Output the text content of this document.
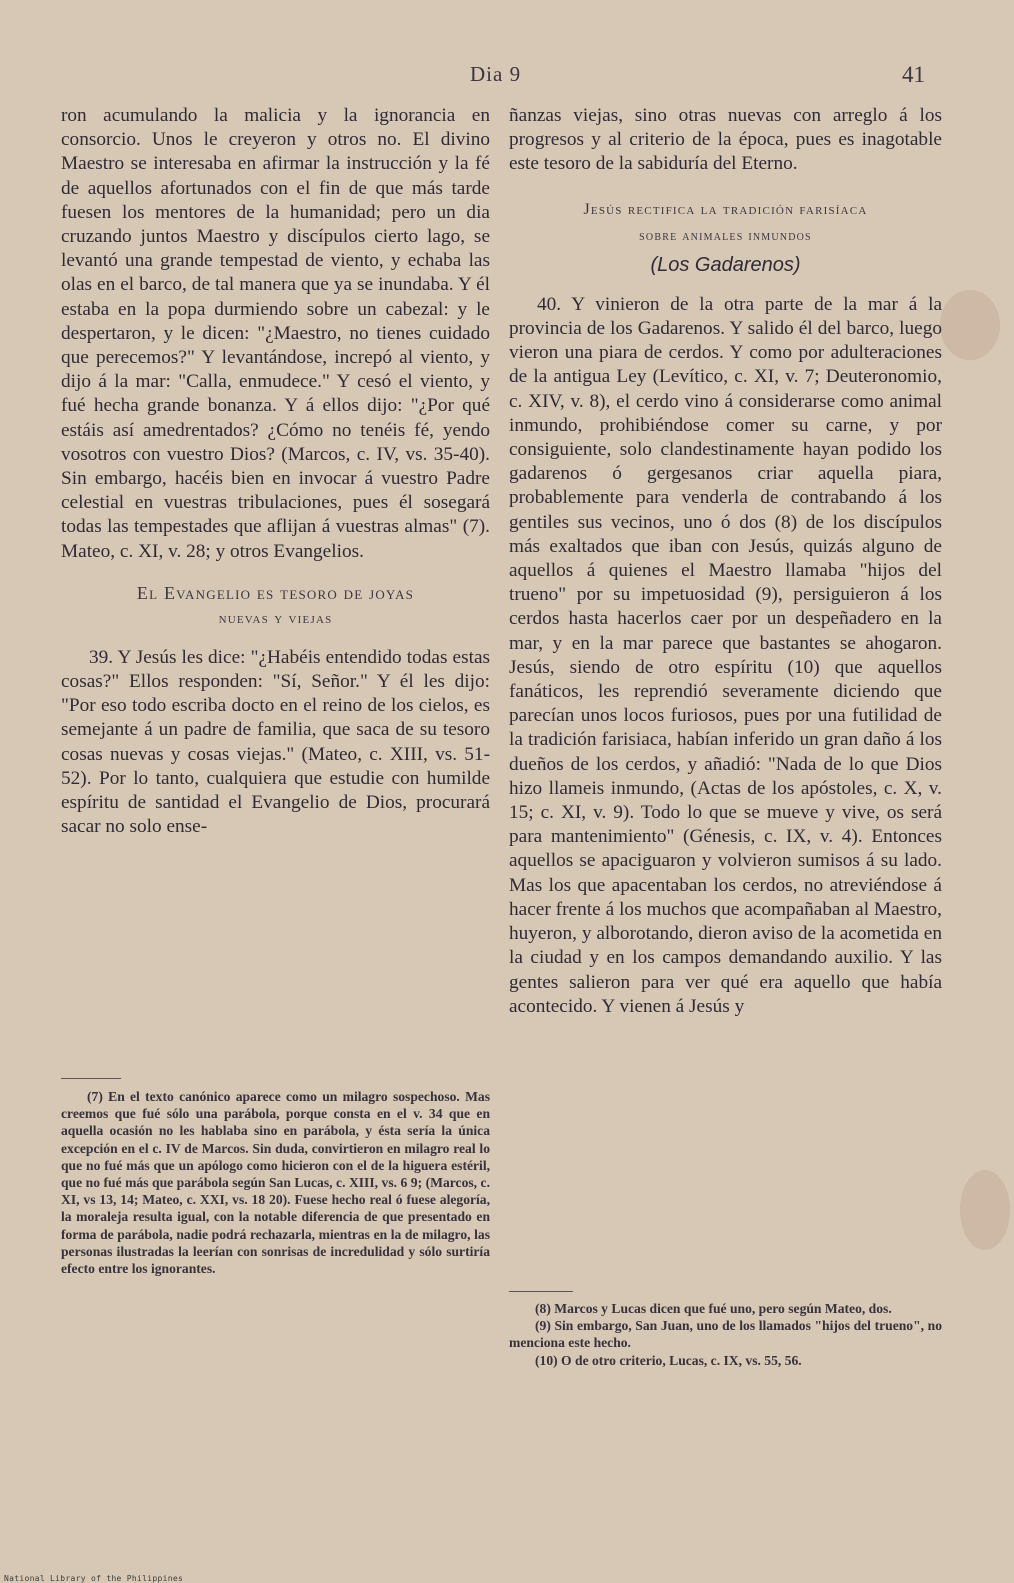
Dia 9	41

ron acumulando la malicia y la ignorancia en consorcio. Unos le creyeron y otros no. El divino Maestro se interesaba en afirmar la instrucción y la fé de aquellos afortunados con el fin de que más tarde fuesen los mentores de la humanidad; pero un dia cruzando juntos Maestro y discípulos cierto lago, se levantó una grande tempestad de viento, y echaba las olas en el barco, de tal manera que ya se inundaba. Y él estaba en la popa durmiendo sobre un cabezal: y le despertaron, y le dicen: "¿Maestro, no tienes cuidado que perecemos?" Y levantándose, increpó al viento, y dijo á la mar: "Calla, enmudece." Y cesó el viento, y fué hecha grande bonanza. Y á ellos dijo: "¿Por qué estáis así amedrentados? ¿Cómo no tenéis fé, yendo vosotros con vuestro Dios? (Marcos, c. IV, vs. 35-40). Sin embargo, hacéis bien en invocar á vuestro Padre celestial en vuestras tribulaciones, pues él sosegará todas las tempestades que aflijan á vuestras almas" (7). Mateo, c. XI, v. 28; y otros Evangelios.

El Evangelio es tesoro de joyas
nuevas y viejas

39. Y Jesús les dice: "¿Habéis entendido todas estas cosas?" Ellos responden: "Sí, Señor." Y él les dijo: "Por eso todo escriba docto en el reino de los cielos, es semejante á un padre de familia, que saca de su tesoro cosas nuevas y cosas viejas." (Mateo, c. XIII, vs. 51-52). Por lo tanto, cualquiera que estudie con humilde espíritu de santidad el Evangelio de Dios, procurará sacar no solo ense-

(7) En el texto canónico aparece como un milagro sospechoso. Mas creemos que fué sólo una parábola, porque consta en el v. 34 que en aquella ocasión no les hablaba sino en parábola, y ésta sería la única excepción en el c. IV de Marcos. Sin duda, convirtieron en milagro real lo que no fué más que un apólogo como hicieron con el de la higuera estéril, que no fué más que parábola según San Lucas, c. XIII, vs. 6 9; (Marcos, c. XI, vs 13, 14; Mateo, c. XXI, vs. 18 20). Fuese hecho real ó fuese alegoría, la moraleja resulta igual, con la notable diferencia de que presentado en forma de parábola, nadie podrá rechazarla, mientras en la de milagro, las personas ilustradas la leerían con sonrisas de incredulidad y sólo surtiría efecto entre los ignorantes.

ñanzas viejas, sino otras nuevas con arreglo á los progresos y al criterio de la época, pues es inagotable este tesoro de la sabiduría del Eterno.

Jesús rectifica la tradición farisíaca
sobre animales inmundos
(Los Gadarenos)

40. Y vinieron de la otra parte de la mar á la provincia de los Gadarenos. Y salido él del barco, luego vieron una piara de cerdos. Y como por adulteraciones de la antigua Ley (Levítico, c. XI, v. 7; Deuteronomio, c. XIV, v. 8), el cerdo vino á considerarse como animal inmundo, prohibiéndose comer su carne, y por consiguiente, solo clandestinamente hayan podido los gadarenos ó gergesanos criar aquella piara, probablemente para venderla de contrabando á los gentiles sus vecinos, uno ó dos (8) de los discípulos más exaltados que iban con Jesús, quizás alguno de aquellos á quienes el Maestro llamaba "hijos del trueno" por su impetuosidad (9), persiguieron á los cerdos hasta hacerlos caer por un despeñadero en la mar, y en la mar parece que bastantes se ahogaron. Jesús, siendo de otro espíritu (10) que aquellos fanáticos, les reprendió severamente diciendo que parecían unos locos furiosos, pues por una futilidad de la tradición farisiaca, habían inferido un gran daño á los dueños de los cerdos, y añadió: "Nada de lo que Dios hizo llameis inmundo, (Actas de los apóstoles, c. X, v. 15; c. XI, v. 9). Todo lo que se mueve y vive, os será para mantenimiento" (Génesis, c. IX, v. 4). Entonces aquellos se apaciguaron y volvieron sumisos á su lado. Mas los que apacentaban los cerdos, no atreviéndose á hacer frente á los muchos que acompañaban al Maestro, huyeron, y alborotando, dieron aviso de la acometida en la ciudad y en los campos demandando auxilio. Y las gentes salieron para ver qué era aquello que había acontecido. Y vienen á Jesús y

(8) Marcos y Lucas dicen que fué uno, pero según Mateo, dos.

(9) Sin embargo, San Juan, uno de los llamados "hijos del trueno", no menciona este hecho.

(10) O de otro criterio, Lucas, c. IX, vs. 55, 56.

National Library of the Philippines
